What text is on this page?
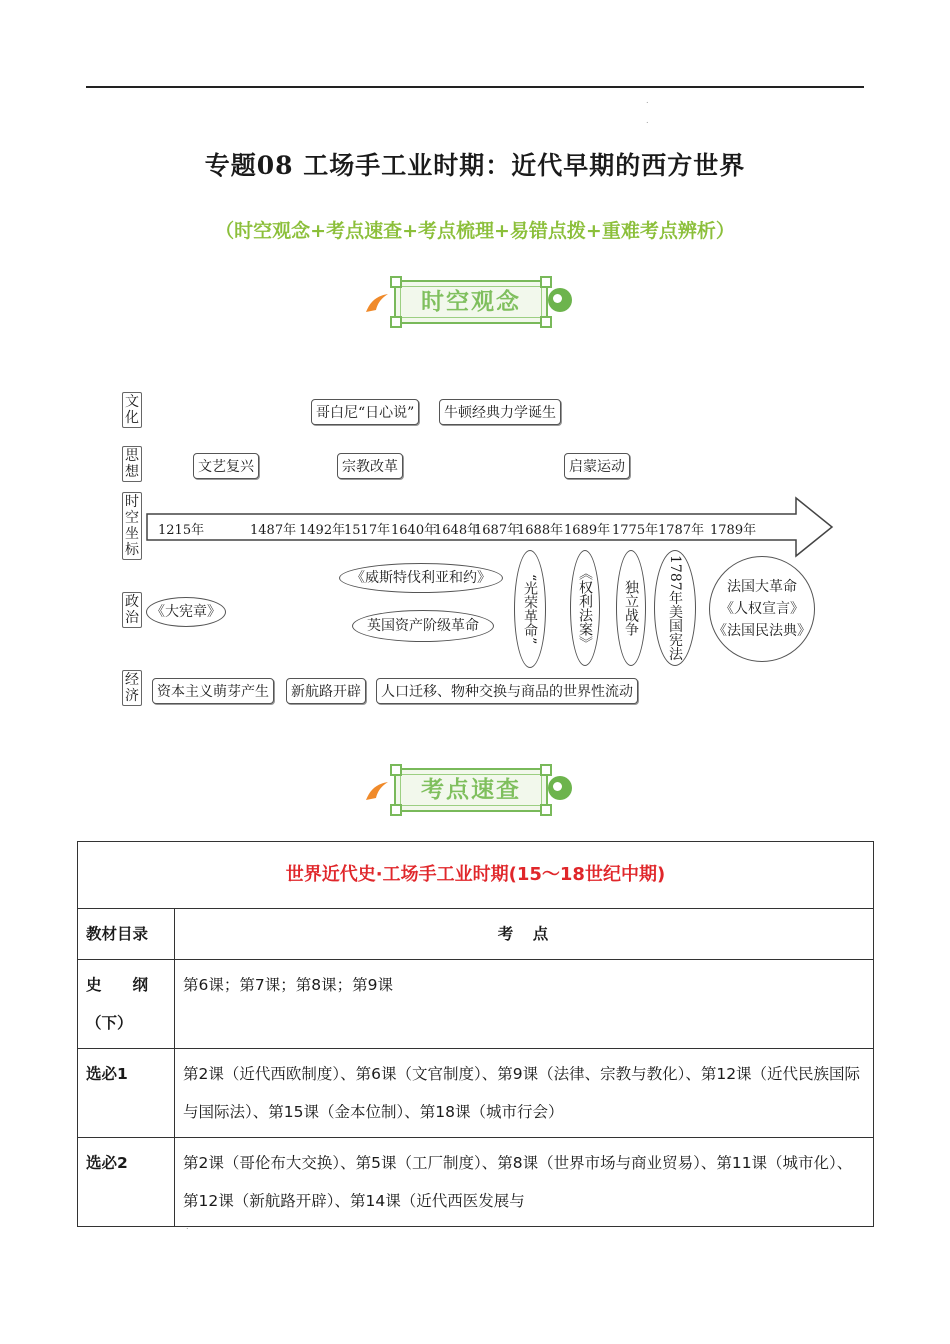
.
.
专题08 工场手工业时期：近代早期的西方世界
（时空观念+考点速查+考点梳理+易错点拨+重难考点辨析）
时空观念
文化
思想
时空坐标
政治
经济
哥白尼“日心说”	牛顿经典力学诞生
文艺复兴	宗教改革	启蒙运动
1215年	1487年 1492年
1517年 1640年
1648年
1687年
1688年 1689年 1775年 1787年 1789年
《大宪章》
《威斯特伐利亚和约》
英国资产阶级革命	“光荣革命”	《权利法案》	独立战争	1787年美国宪法	法国大革命
《人权宣言》
《法国民法典》
资本主义萌芽产生	新航路开辟	人口迁移、物种交换与商品的世界性流动
考点速查
世界近代史·工场手工业时期(15～18世纪中期)	
教材目录	考　点
史　　纲（下）	第6课；第7课；第8课；第9课
选必1	第2课（近代西欧制度）、第6课（文官制度）、第9课（法律、宗教与教化）、第12课（近代民族国际与国际法）、第15课（金本位制）、第18课（城市行会）
选必2	第2课（哥伦布大交换）、第5课（工厂制度）、第8课（世界市场与商业贸易）、第11课（城市化）、第12课（新航路开辟）、第14课（近代西医发展与
.
